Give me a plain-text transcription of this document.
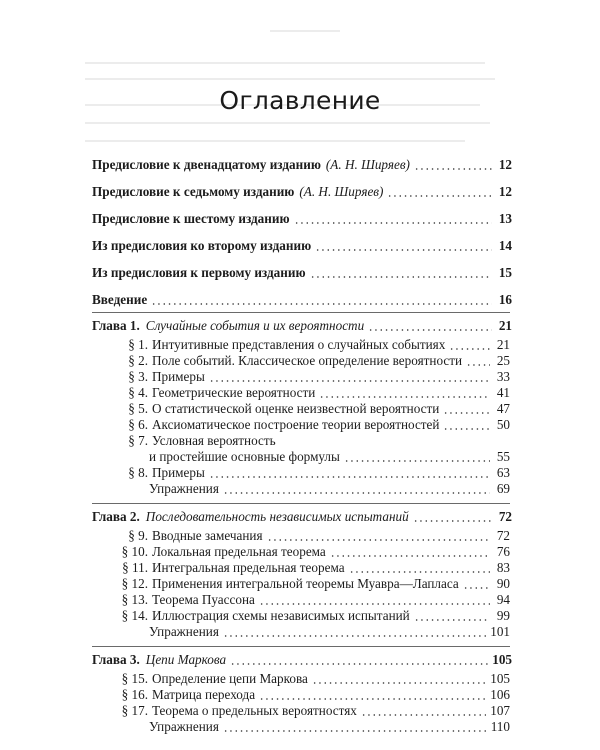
Оглавление
Предисловие к двенадцатому изданию (А. Н. Ширяев)	12
Предисловие к седьмому изданию (А. Н. Ширяев)	12
Предисловие к шестому изданию	13
Из предисловия ко второму изданию	14
Из предисловия к первому изданию	15
Введение	16
Глава 1. Случайные события и их вероятности	21
§ 1. Интуитивные представления о случайных событиях	21
§ 2. Поле событий. Классическое определение вероятности	25
§ 3. Примеры	33
§ 4. Геометрические вероятности	41
§ 5. О статистической оценке неизвестной вероятности	47
§ 6. Аксиоматическое построение теории вероятностей	50
§ 7. Условная вероятность
и простейшие основные формулы	55
§ 8. Примеры	63
Упражнения	69
Глава 2. Последовательность независимых испытаний	72
§ 9. Вводные замечания	72
§ 10. Локальная предельная теорема	76
§ 11. Интегральная предельная теорема	83
§ 12. Применения интегральной теоремы Муавра—Лапласа	90
§ 13. Теорема Пуассона	94
§ 14. Иллюстрация схемы независимых испытаний	99
Упражнения	101
Глава 3. Цепи Маркова	105
§ 15. Определение цепи Маркова	105
§ 16. Матрица перехода	106
§ 17. Теорема о предельных вероятностях	107
Упражнения	110
